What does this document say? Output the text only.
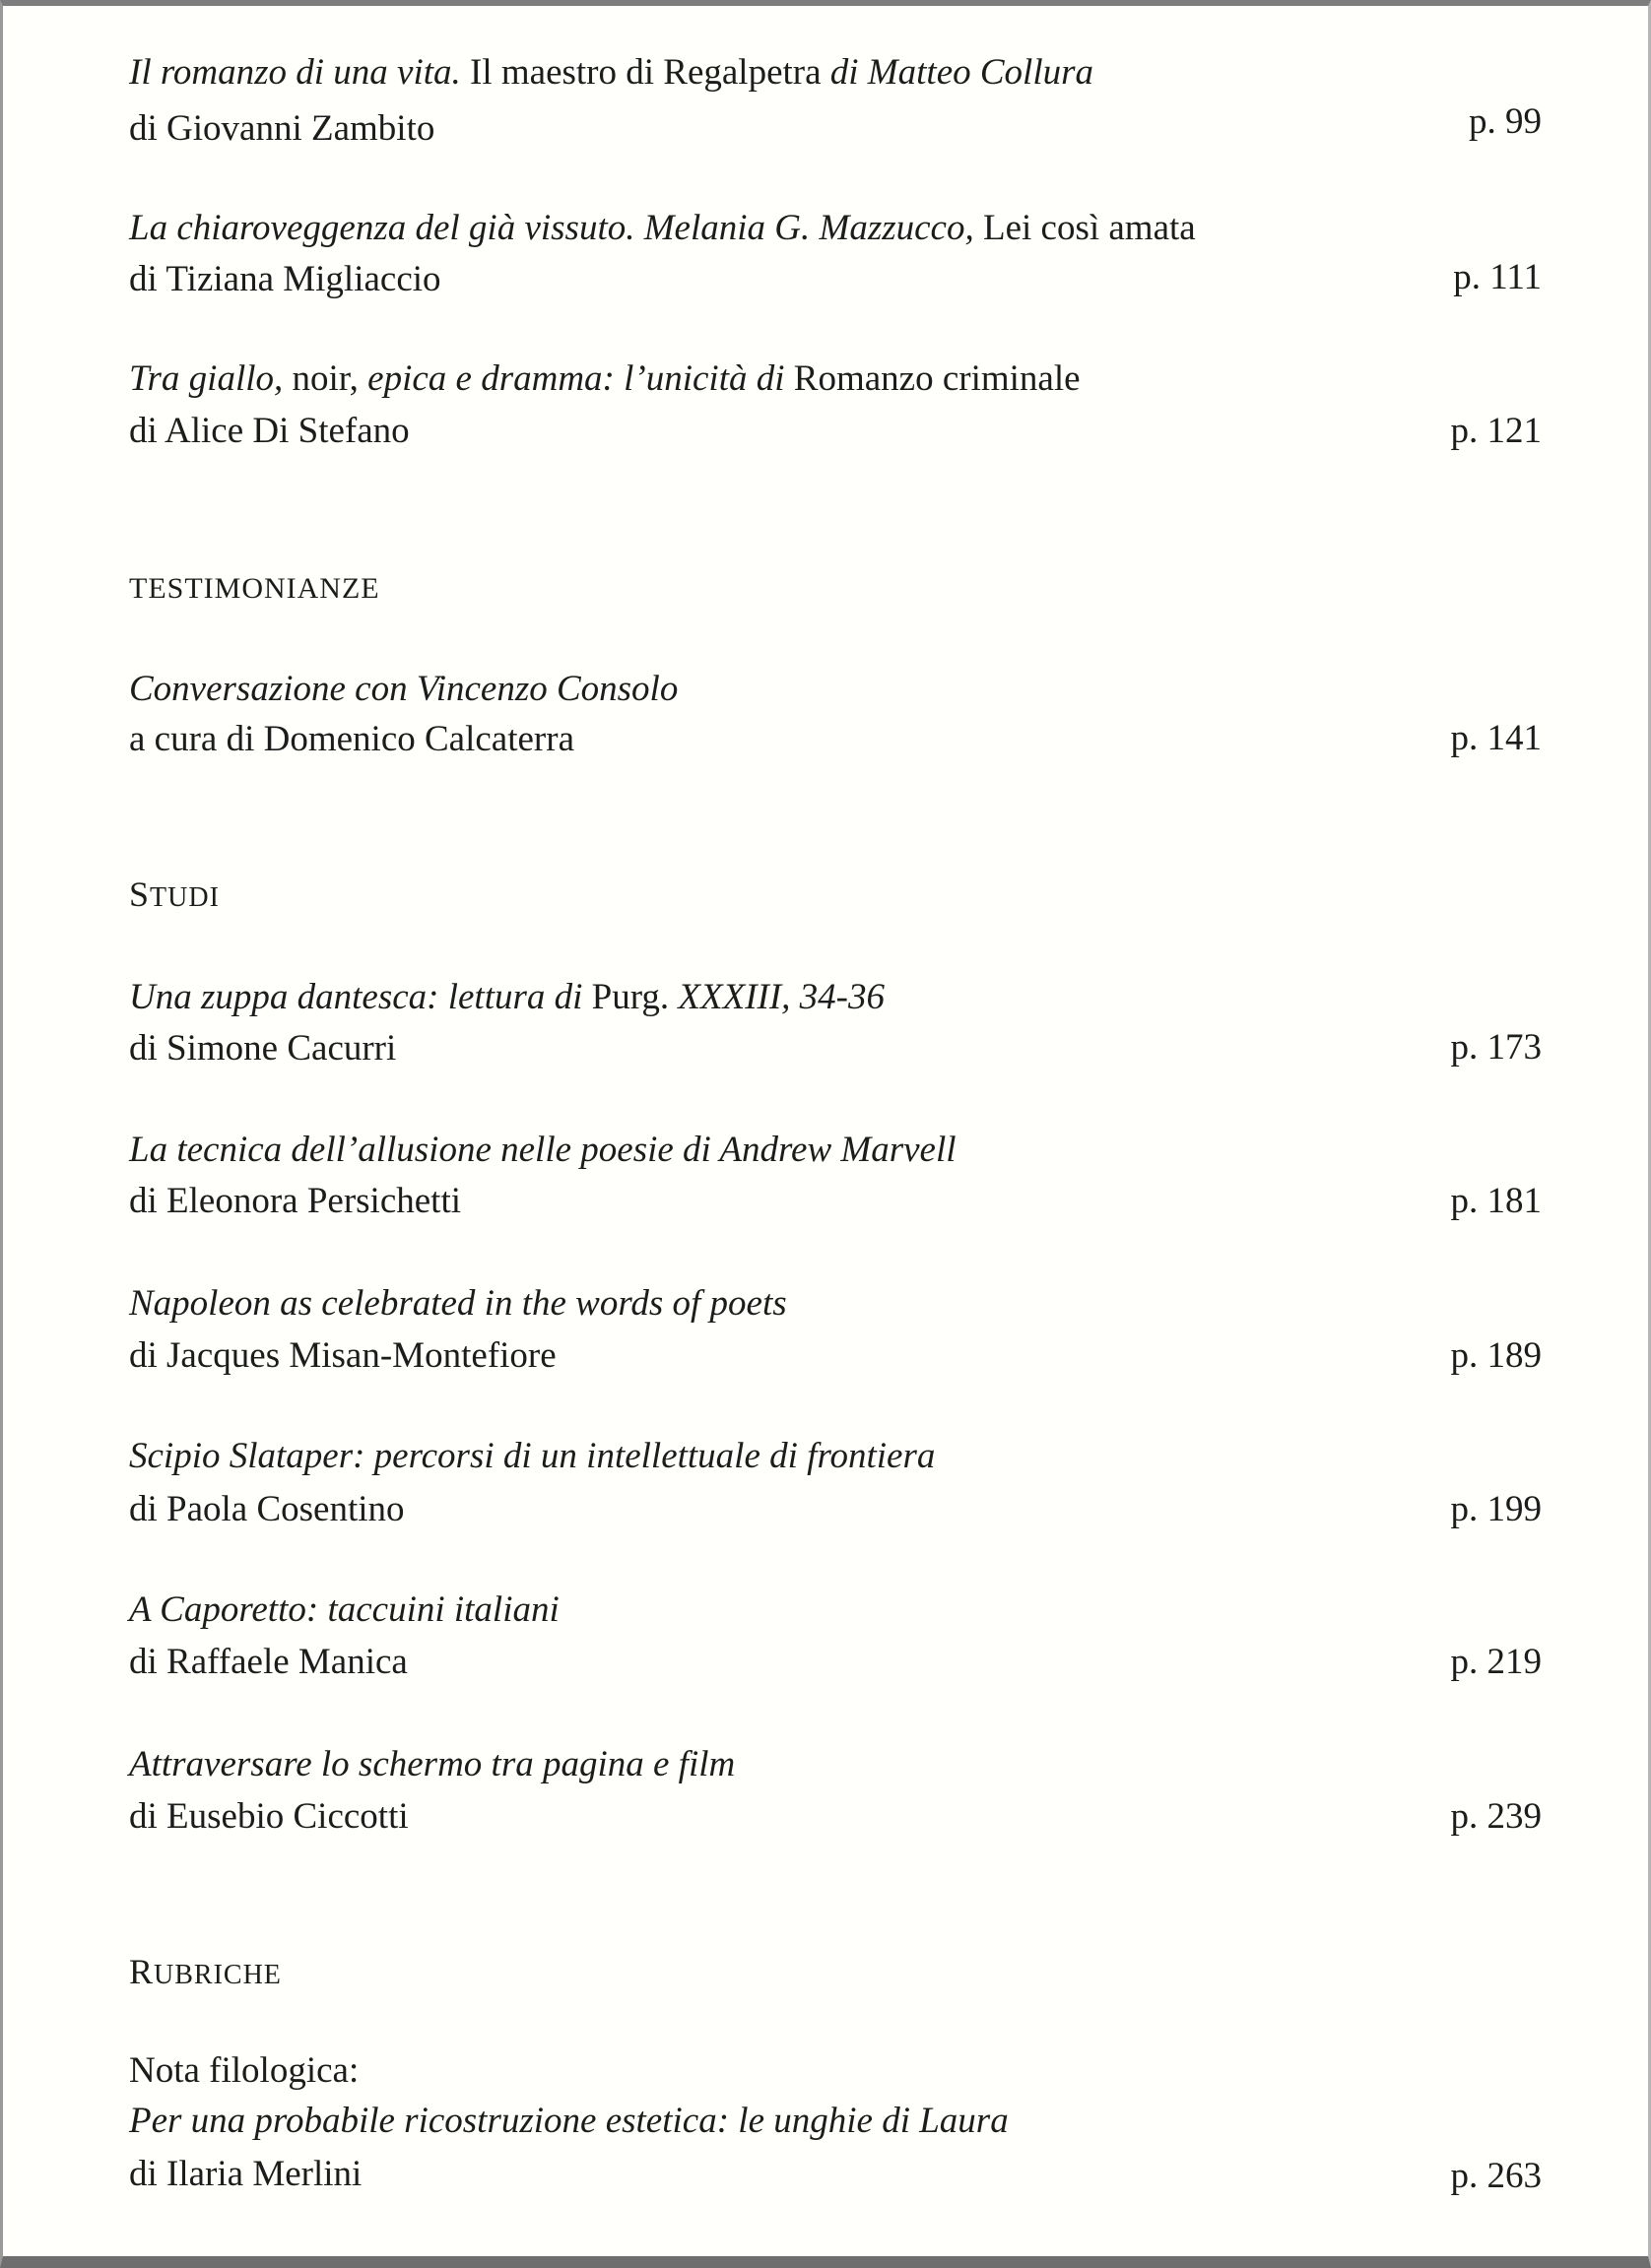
Il romanzo di una vita. Il maestro di Regalpetra di Matteo Collura
di Giovanni Zambito	p. 99
La chiaroveggenza del già vissuto. Melania G. Mazzucco, Lei così amata
di Tiziana Migliaccio	p. 111
Tra giallo, noir, epica e dramma: l’unicità di Romanzo criminale
di Alice Di Stefano	p. 121
TESTIMONIANZE
Conversazione con Vincenzo Consolo
a cura di Domenico Calcaterra	p. 141
STUDI
Una zuppa dantesca: lettura di Purg. XXXIII, 34-36
di Simone Cacurri	p. 173
La tecnica dell’allusione nelle poesie di Andrew Marvell
di Eleonora Persichetti	p. 181
Napoleon as celebrated in the words of poets
di Jacques Misan-Montefiore	p. 189
Scipio Slataper: percorsi di un intellettuale di frontiera
di Paola Cosentino	p. 199
A Caporetto: taccuini italiani
di Raffaele Manica	p. 219
Attraversare lo schermo tra pagina e film
di Eusebio Ciccotti	p. 239
RUBRICHE
Nota filologica:
Per una probabile ricostruzione estetica: le unghie di Laura
di Ilaria Merlini	p. 263
